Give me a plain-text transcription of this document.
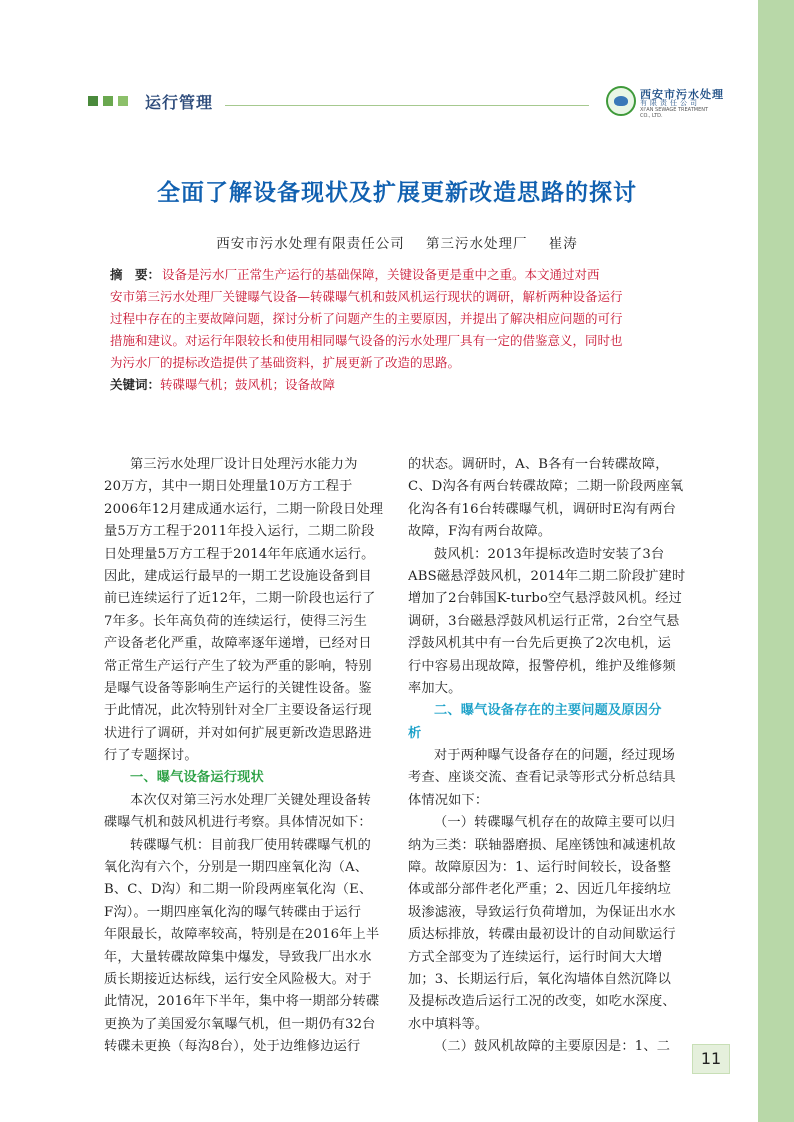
运行管理	西安市污水处理
有限责任公司
XI'AN SEWAGE TREATMENT CO., LTD.
全面了解设备现状及扩展更新改造思路的探讨
西安市污水处理有限责任公司 第三污水处理厂 崔涛
摘　要： 设备是污水厂正常生产运行的基础保障，关键设备更是重中之重。本文通过对西
安市第三污水处理厂关键曝气设备—转碟曝气机和鼓风机运行现状的调研，解析两种设备运行
过程中存在的主要故障问题，探讨分析了问题产生的主要原因，并提出了解决相应问题的可行
措施和建议。对运行年限较长和使用相同曝气设备的污水处理厂具有一定的借鉴意义，同时也
为污水厂的提标改造提供了基础资料，扩展更新了改造的思路。
关键词：转碟曝气机；鼓风机；设备故障
第三污水处理厂设计日处理污水能力为
20万方，其中一期日处理量10万方工程于
2006年12月建成通水运行，二期一阶段日处理
量5万方工程于2011年投入运行，二期二阶段
日处理量5万方工程于2014年年底通水运行。
因此，建成运行最早的一期工艺设施设备到目
前已连续运行了近12年，二期一阶段也运行了
7年多。长年高负荷的连续运行，使得三污生
产设备老化严重，故障率逐年递增，已经对日
常正常生产运行产生了较为严重的影响，特别
是曝气设备等影响生产运行的关键性设备。鉴
于此情况，此次特别针对全厂主要设备运行现
状进行了调研，并对如何扩展更新改造思路进
行了专题探讨。
一、曝气设备运行现状
本次仅对第三污水处理厂关键处理设备转
碟曝气机和鼓风机进行考察。具体情况如下：
转碟曝气机：目前我厂使用转碟曝气机的
氧化沟有六个，分别是一期四座氧化沟（A、
B、C、D沟）和二期一阶段两座氧化沟（E、
F沟）。一期四座氧化沟的曝气转碟由于运行
年限最长，故障率较高，特别是在2016年上半
年，大量转碟故障集中爆发，导致我厂出水水
质长期接近达标线，运行安全风险极大。对于
此情况，2016年下半年，集中将一期部分转碟
更换为了美国爱尔氧曝气机，但一期仍有32台
转碟未更换（每沟8台），处于边维修边运行
的状态。调研时，A、B各有一台转碟故障，
C、D沟各有两台转碟故障；二期一阶段两座氧
化沟各有16台转碟曝气机，调研时E沟有两台
故障，F沟有两台故障。
鼓风机：2013年提标改造时安装了3台
ABS磁悬浮鼓风机，2014年二期二阶段扩建时
增加了2台韩国K-turbo空气悬浮鼓风机。经过
调研，3台磁悬浮鼓风机运行正常，2台空气悬
浮鼓风机其中有一台先后更换了2次电机，运
行中容易出现故障，报警停机，维护及维修频
率加大。
二、曝气设备存在的主要问题及原因分
析
对于两种曝气设备存在的问题，经过现场
考查、座谈交流、查看记录等形式分析总结具
体情况如下：
（一）转碟曝气机存在的故障主要可以归
纳为三类：联轴器磨损、尾座锈蚀和减速机故
障。故障原因为：1、运行时间较长，设备整
体或部分部件老化严重；2、因近几年接纳垃
圾渗滤液，导致运行负荷增加，为保证出水水
质达标排放，转碟由最初设计的自动间歇运行
方式全部变为了连续运行，运行时间大大增
加；3、长期运行后，氧化沟墙体自然沉降以
及提标改造后运行工况的改变，如吃水深度、
水中填料等。
（二）鼓风机故障的主要原因是：1、二
11
